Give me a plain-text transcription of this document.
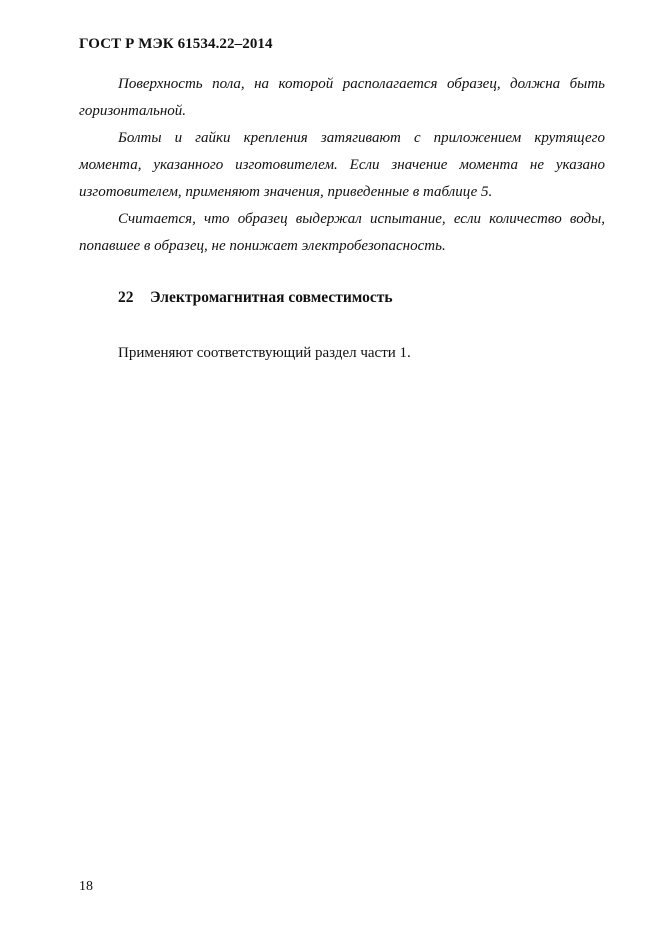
ГОСТ Р МЭК 61534.22–2014

Поверхность пола, на которой располагается образец, должна быть горизонтальной.

Болты и гайки крепления затягивают с приложением крутящего момента, указанного изготовителем. Если значение момента не указано изготовителем, применяют значения, приведенные в таблице 5.

Считается, что образец выдержал испытание, если количество воды, попавшее в образец, не понижает электробезопасность.

22 Электромагнитная совместимость
Применяют соответствующий раздел части 1.
18
